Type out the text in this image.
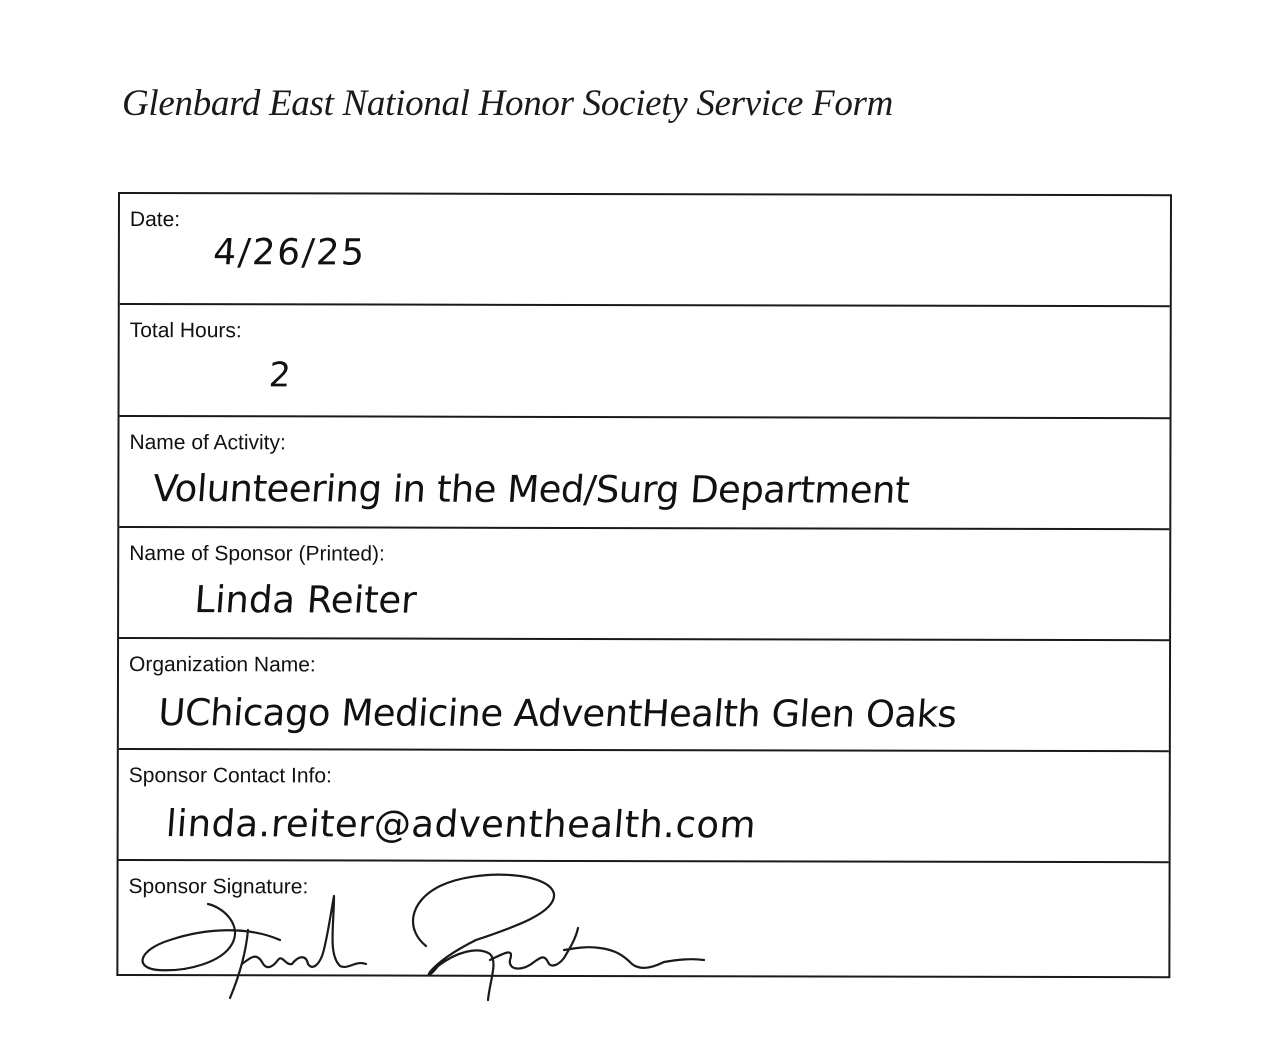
Glenbard East National Honor Society Service Form
Date:
4/26/25
Total Hours:
2
Name of Activity:
Volunteering in the Med/Surg Department
Name of Sponsor (Printed):
Linda Reiter
Organization Name:
UChicago Medicine AdventHealth Glen Oaks
Sponsor Contact Info:
linda.reiter@adventhealth.com
Sponsor Signature:
